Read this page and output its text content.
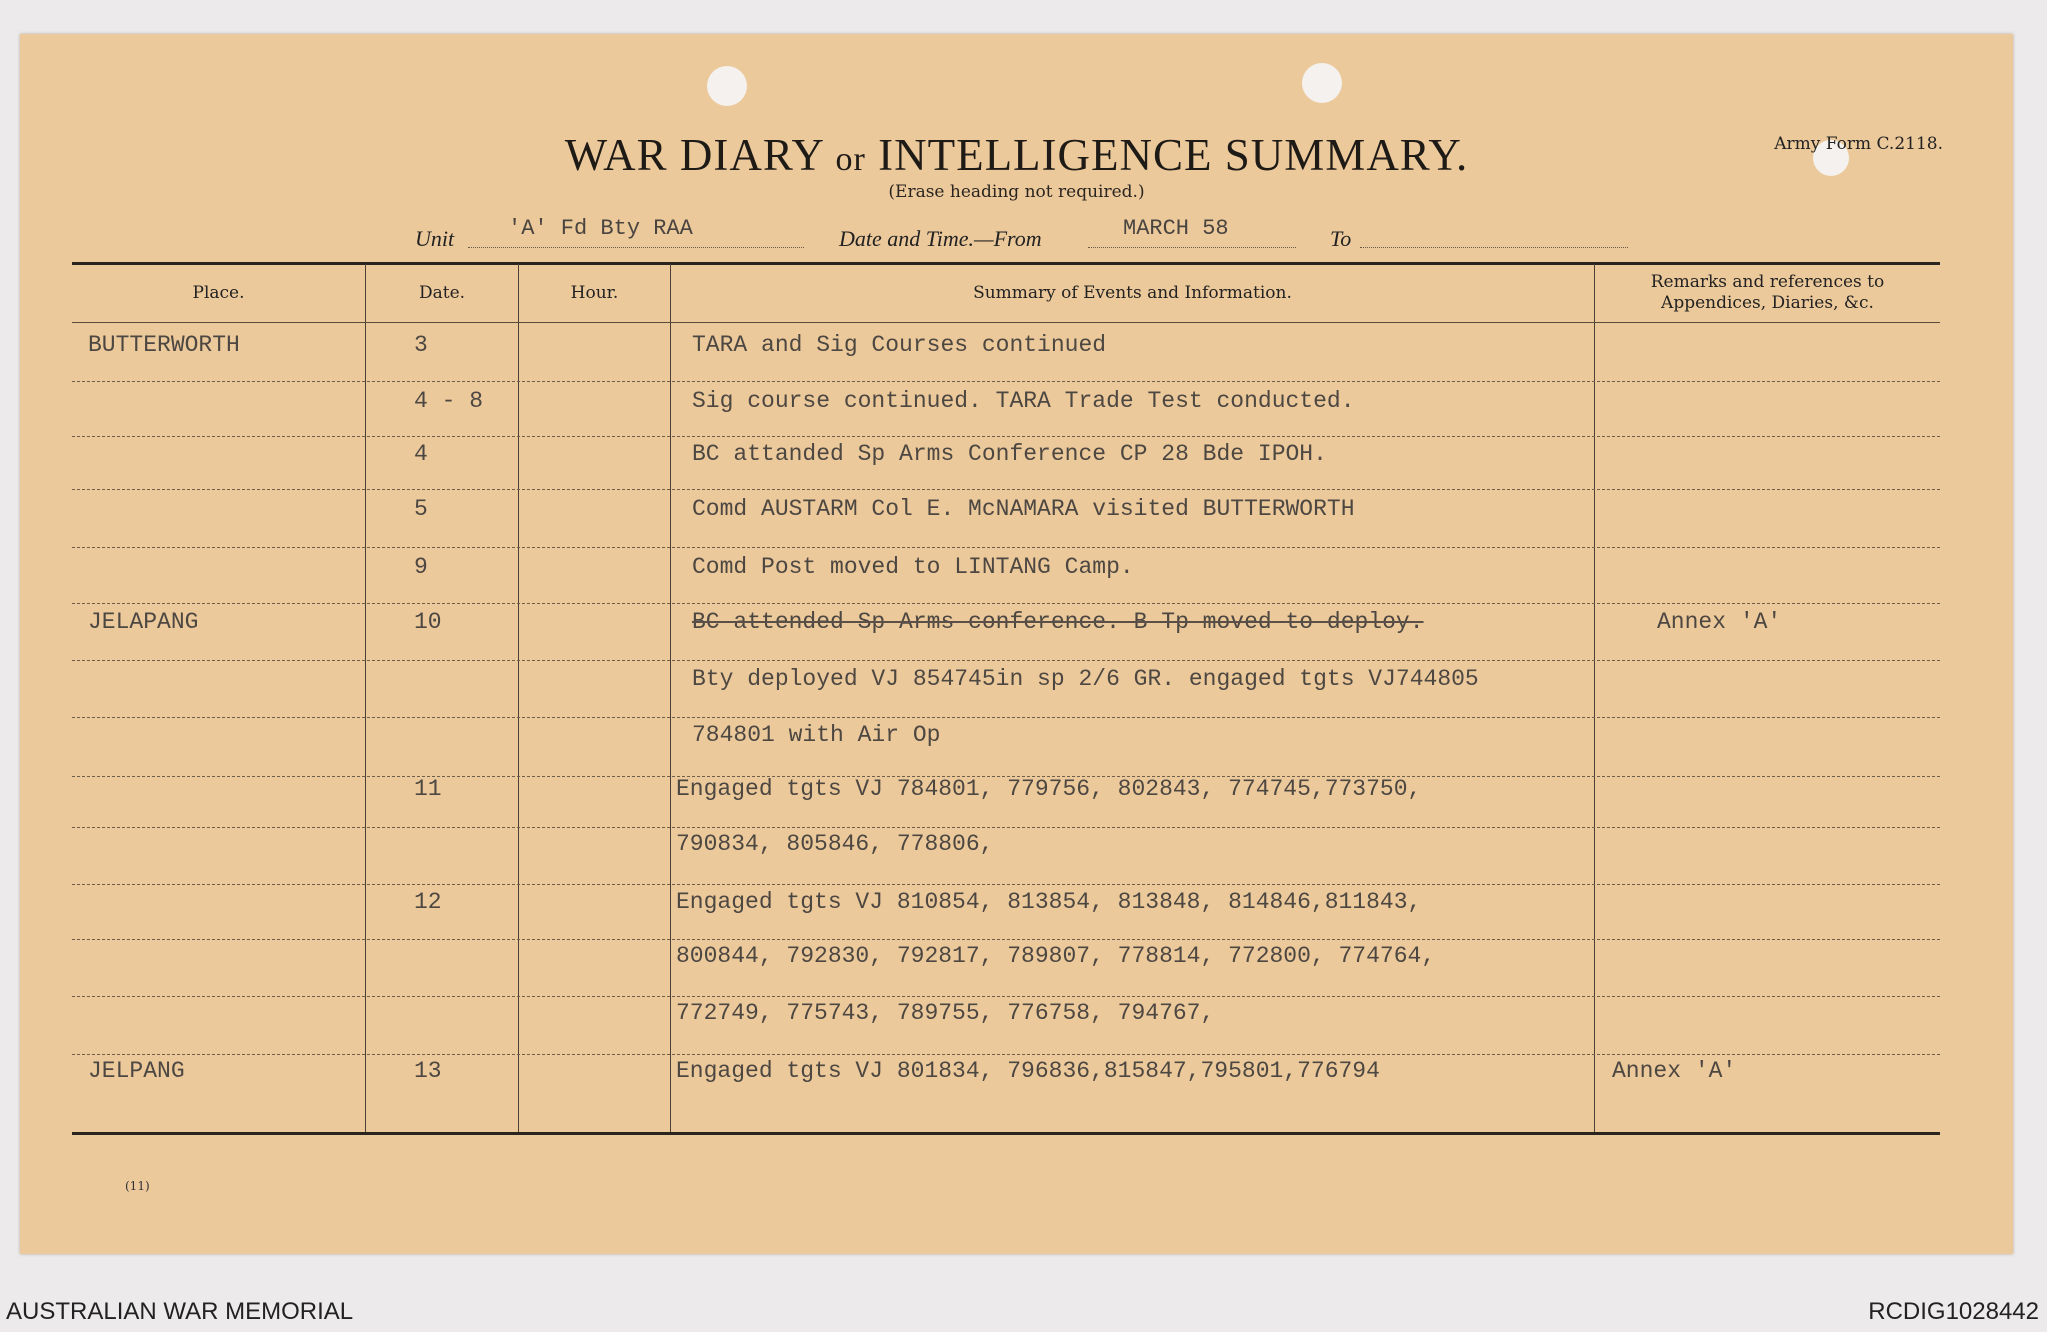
Army Form C.2118.
WAR DIARY or INTELLIGENCE SUMMARY.
(Erase heading not required.)
Unit 'A' Fd Bty RAA	Date and Time.—From	MARCH 58	To
(11)
Place.	Date.	Hour.	Summary of Events and Information.
Remarks and references to Appendices, Diaries, &c.
BUTTERWORTH	3	TARA and Sig Courses continued
4 - 8	Sig course continued. TARA Trade Test conducted.
4	BC attanded Sp Arms Conference CP 28 Bde IPOH.
5	Comd AUSTARM Col E. McNAMARA visited BUTTERWORTH
9	Comd Post moved to LINTANG Camp.
JELAPANG	10	BC attended Sp Arms conference. B Tp moved to deploy.	Annex 'A'
Bty deployed VJ 854745in sp 2/6 GR. engaged tgts VJ744805
784801 with Air Op
11	Engaged tgts VJ 784801, 779756, 802843, 774745,773750,
790834, 805846, 778806,
12	Engaged tgts VJ 810854, 813854, 813848, 814846,811843,
800844, 792830, 792817, 789807, 778814, 772800, 774764,
772749, 775743, 789755, 776758, 794767,
JELPANG	13	Engaged tgts VJ 801834, 796836,815847,795801,776794	Annex 'A'
AUSTRALIAN WAR MEMORIAL	RCDIG1028442
